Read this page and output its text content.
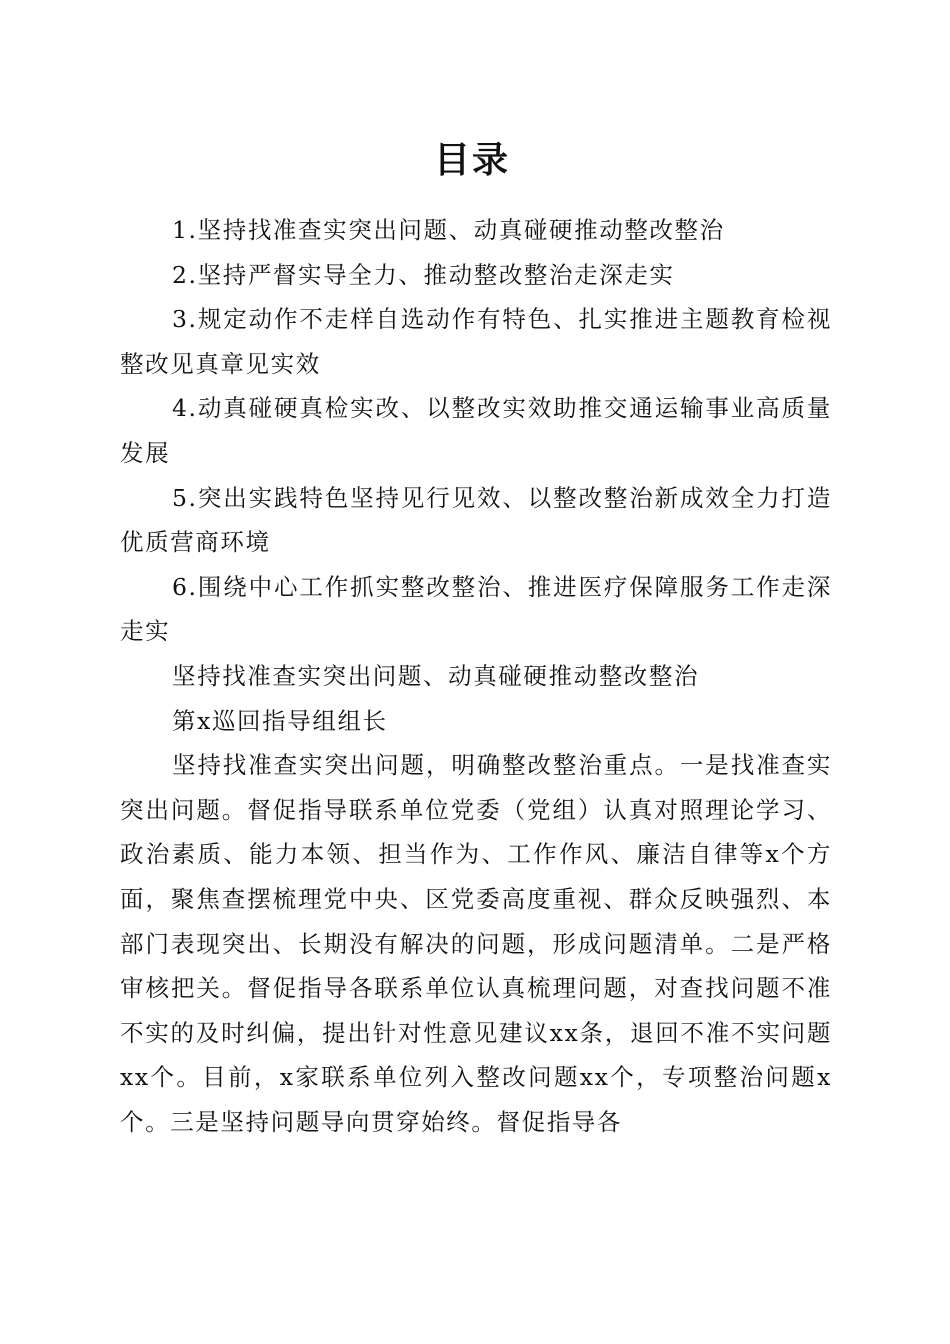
目录

1.坚持找准查实突出问题、动真碰硬推动整改整治

2.坚持严督实导全力、推动整改整治走深走实

3.规定动作不走样自选动作有特色、扎实推进主题教育检视整改见真章见实效

4.动真碰硬真检实改、以整改实效助推交通运输事业高质量发展

5.突出实践特色坚持见行见效、以整改整治新成效全力打造优质营商环境

6.围绕中心工作抓实整改整治、推进医疗保障服务工作走深走实

坚持找准查实突出问题、动真碰硬推动整改整治

第x巡回指导组组长

坚持找准查实突出问题，明确整改整治重点。一是找准查实突出问题。督促指导联系单位党委（党组）认真对照理论学习、政治素质、能力本领、担当作为、工作作风、廉洁自律等x个方面，聚焦查摆梳理党中央、区党委高度重视、群众反映强烈、本部门表现突出、长期没有解决的问题，形成问题清单。二是严格审核把关。督促指导各联系单位认真梳理问题，对查找问题不准不实的及时纠偏，提出针对性意见建议xx条，退回不准不实问题xx个。目前，x家联系单位列入整改问题xx个，专项整治问题x个。三是坚持问题导向贯穿始终。督促指导各
